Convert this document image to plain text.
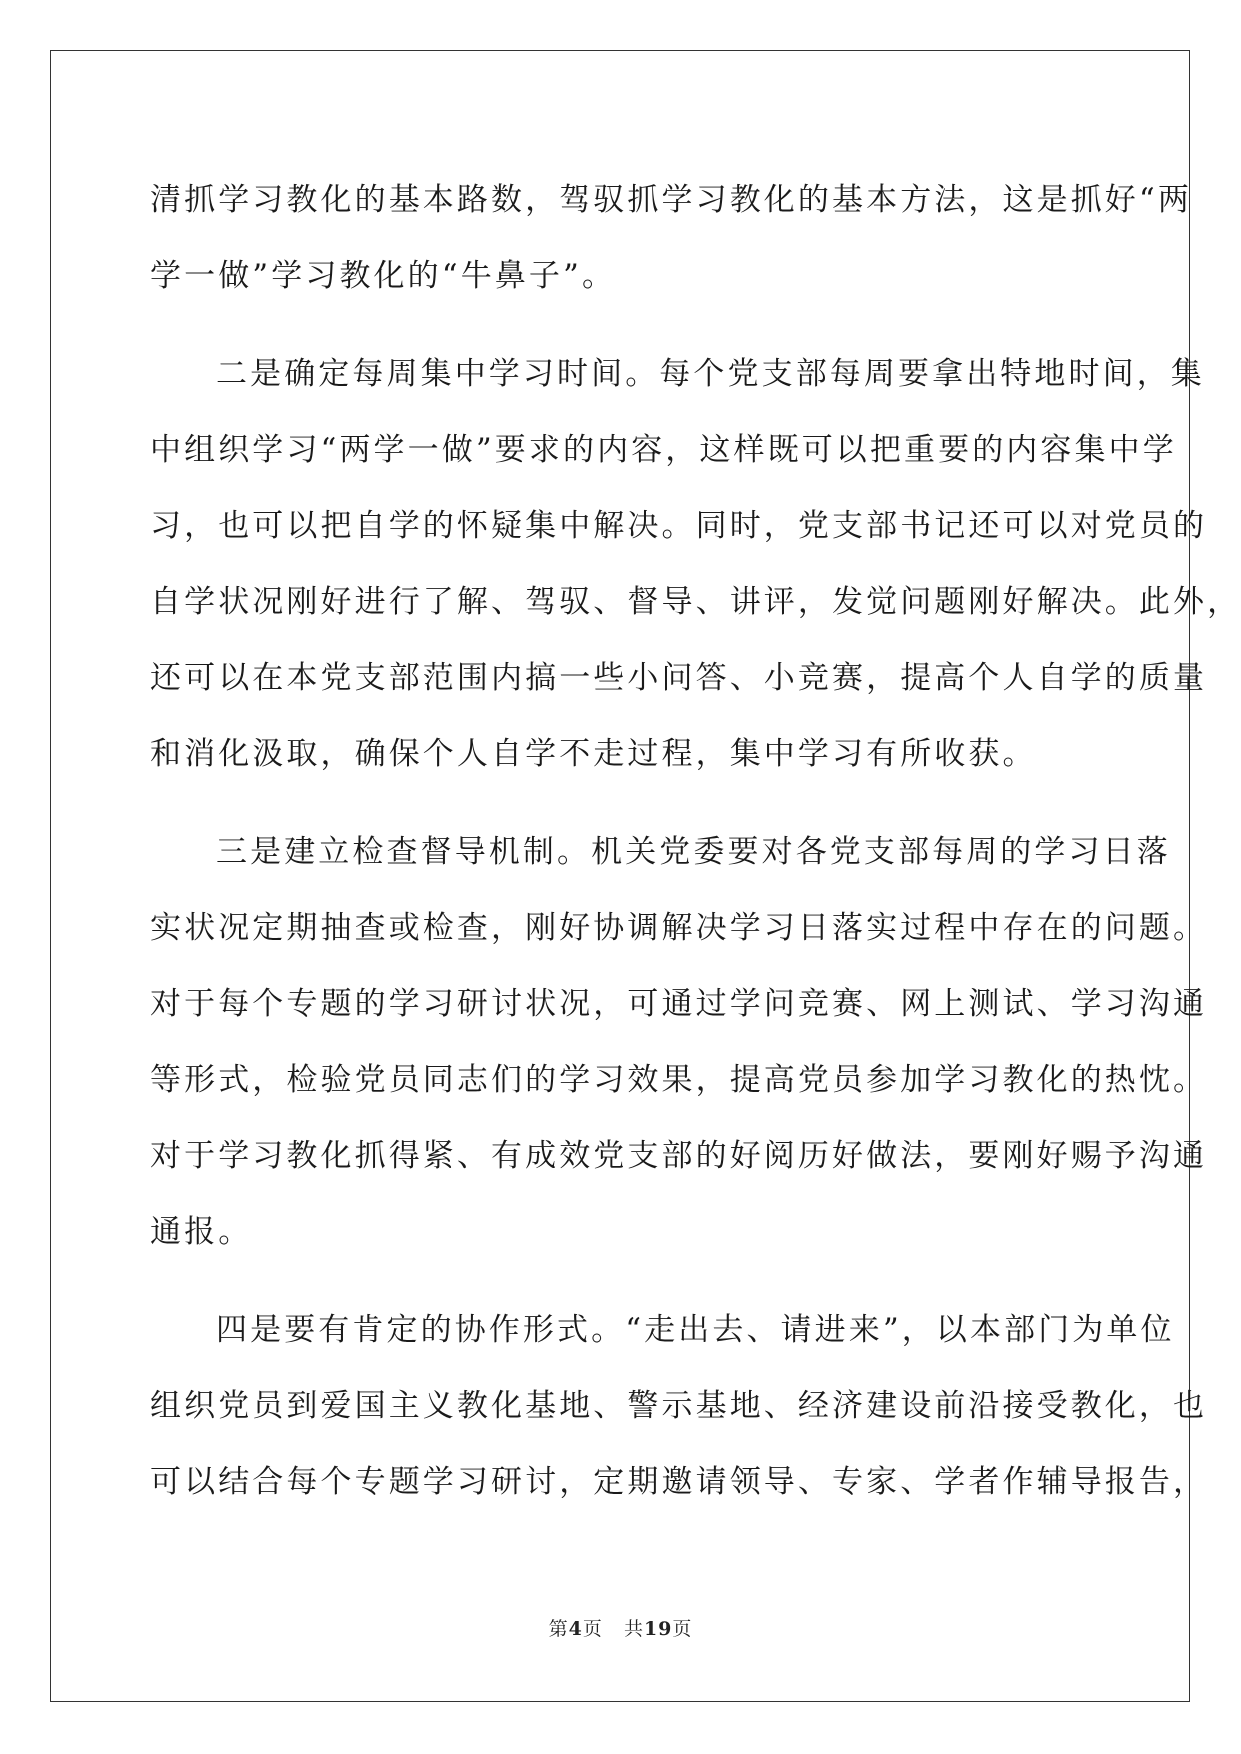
清抓学习教化的基本路数，驾驭抓学习教化的基本方法，这是抓好“两
学一做”学习教化的“牛鼻子”。
二是确定每周集中学习时间。每个党支部每周要拿出特地时间，集
中组织学习“两学一做”要求的内容，这样既可以把重要的内容集中学
习，也可以把自学的怀疑集中解决。同时，党支部书记还可以对党员的
自学状况刚好进行了解、驾驭、督导、讲评，发觉问题刚好解决。此外，
还可以在本党支部范围内搞一些小问答、小竞赛，提高个人自学的质量
和消化汲取，确保个人自学不走过程，集中学习有所收获。
三是建立检查督导机制。机关党委要对各党支部每周的学习日落
实状况定期抽查或检查，刚好协调解决学习日落实过程中存在的问题。
对于每个专题的学习研讨状况，可通过学问竞赛、网上测试、学习沟通
等形式，检验党员同志们的学习效果，提高党员参加学习教化的热忱。
对于学习教化抓得紧、有成效党支部的好阅历好做法，要刚好赐予沟通
通报。
四是要有肯定的协作形式。“走出去、请进来”，以本部门为单位
组织党员到爱国主义教化基地、警示基地、经济建设前沿接受教化，也
可以结合每个专题学习研讨，定期邀请领导、专家、学者作辅导报告，
第4页   共19页
